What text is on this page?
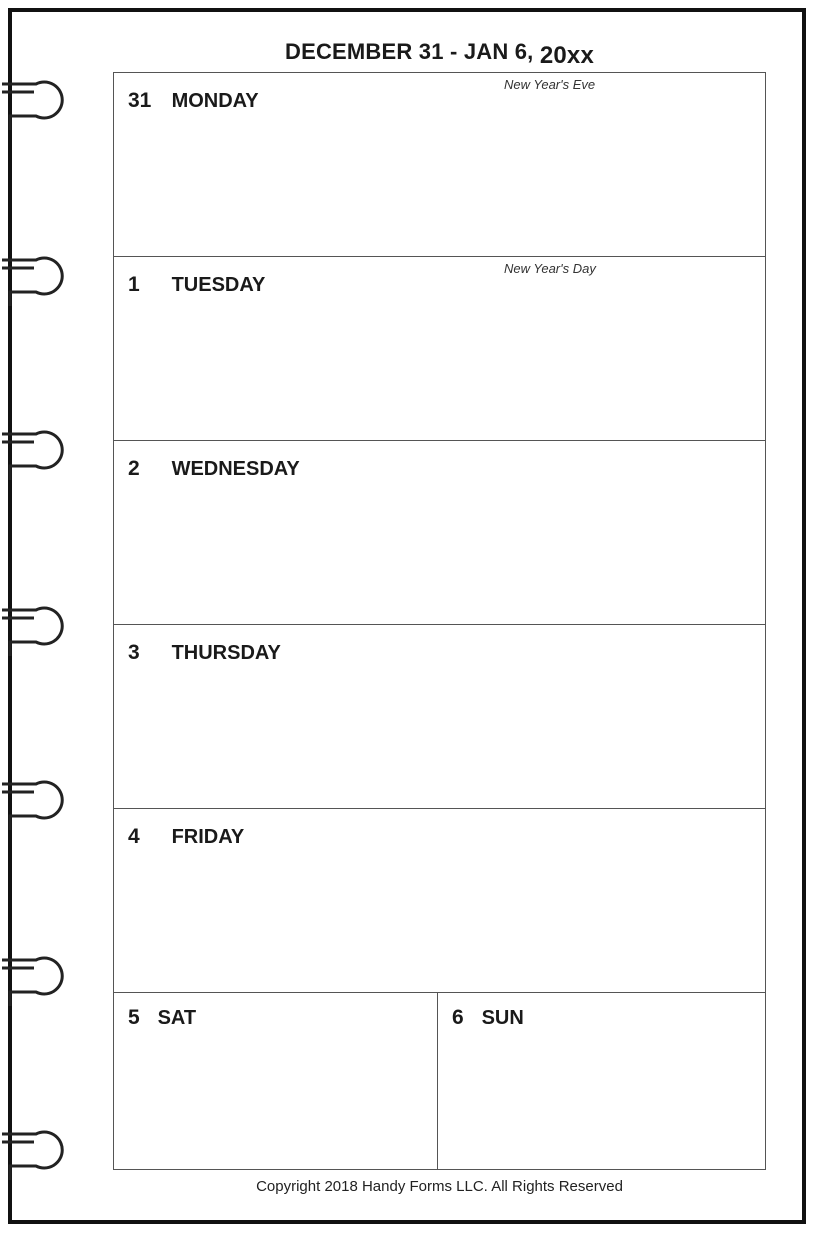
DECEMBER 31 - JAN 6, 20xx
31 MONDAY
New Year's Eve
1 TUESDAY
New Year's Day
2 WEDNESDAY
3 THURSDAY
4 FRIDAY
5 SAT	6 SUN
Copyright 2018 Handy Forms LLC. All Rights Reserved
